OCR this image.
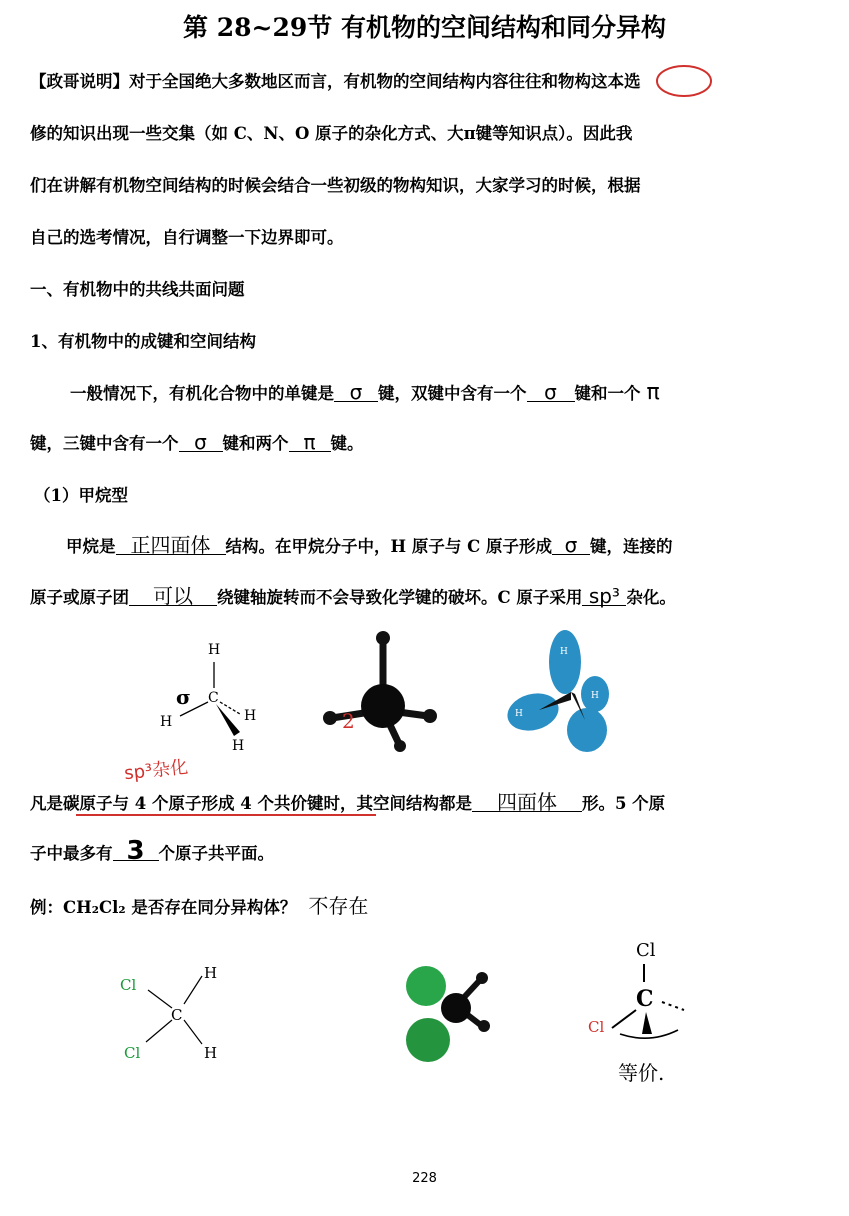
第 28~29节 有机物的空间结构和同分异构
【政哥说明】对于全国绝大多数地区而言，有机物的空间结构内容往往和物构这本选
修的知识出现一些交集（如 C、N、O 原子的杂化方式、大π键等知识点）。因此我
们在讲解有机物空间结构的时候会结合一些初级的物构知识，大家学习的时候，根据
自己的选考情况，自行调整一下边界即可。
一、有机物中的共线共面问题
1、有机物中的成键和空间结构
一般情况下，有机化合物中的单键是 σ 键，双键中含有一个 σ 键和一个 π
键，三键中含有一个 σ 键和两个 π 键。
（1）甲烷型
甲烷是 正四面体 结构。在甲烷分子中，H 原子与 C 原子形成 σ 键，连接的
原子或原子团 可以 绕键轴旋转而不会导致化学键的破坏。C 原子采用 sp³ 杂化。
H
C
H	H
H
σ
2
H
H
H
sp³杂化
凡是碳原子与 4 个原子形成 4 个共价键时，其空间结构都是 四面体 形。5 个原
子中最多有 3 个原子共平面。
例：CH₂Cl₂ 是否存在同分异构体？ 不存在
Cl
H
C
Cl	H
Cl
C
Cl
等价.
228
